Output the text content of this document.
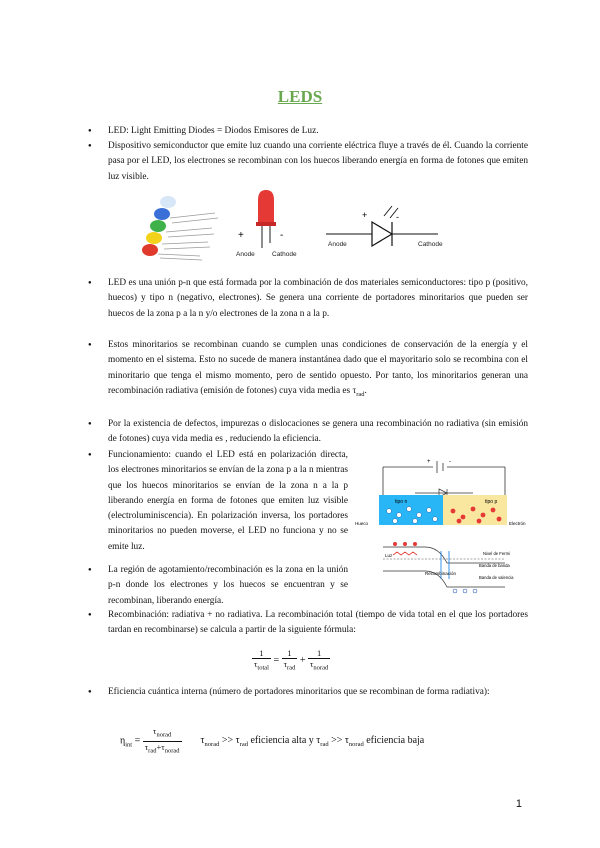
LEDS
● LED: Light Emitting Diodes = Diodos Emisores de Luz.
● Dispositivo semiconductor que emite luz cuando una corriente eléctrica fluye a través de él. Cuando la corriente pasa por el LED, los electrones se recombinan con los huecos liberando energía en forma de fotones que emiten luz visible.
+	-
Anode	Cathode
+	-
Anode	Cathode
● LED es una unión p-n que está formada por la combinación de dos materiales semiconductores: tipo p (positivo, huecos) y tipo n (negativo, electrones). Se genera una corriente de portadores minoritarios que pueden ser huecos de la zona p a la n y/o electrones de la zona n a la p.
● Estos minoritarios se recombinan cuando se cumplen unas condiciones de conservación de la energía y el momento en el sistema. Esto no sucede de manera instantánea dado que el mayoritario solo se recombina con el minoritario que tenga el mismo momento, pero de sentido opuesto. Por tanto, los minoritarios generan una recombinación radiativa (emisión de fotones) cuya vida media es $\tau_{rad}$.
● Por la existencia de defectos, impurezas o dislocaciones se genera una recombinación no radiativa (sin emisión de fotones) cuya vida media es , reduciendo la eficiencia.
● Funcionamiento: cuando el LED está en polarización directa, los electrones minoritarios se envían de la zona p a la n mientras que los huecos minoritarios se envían de la zona n a la p liberando energía en forma de fotones que emiten luz visible (electroluminiscencia). En polarización inversa, los portadores minoritarios no pueden moverse, el LED no funciona y no se emite luz.
● La región de agotamiento/recombinación es la zona en la unión p-n donde los electrones y los huecos se encuentran y se recombinan, liberando energía.
+	-
tipo n	tipo p
Electrón
Hueco
Luz
Recombinación
Nivel de Fermi
Banda de banda
Banda de valencia
● Recombinación: radiativa + no radiativa. La recombinación total (tiempo de vida total en el que los portadores tardan en recombinarse) se calcula a partir de la siguiente fórmula:
$\frac{1}{\tau_{total}} = \frac{1}{\tau_{rad}} + \frac{1}{\tau_{norad}}$
● Eficiencia cuántica interna (número de portadores minoritarios que se recombinan de forma radiativa):
$\eta_{int} = \frac{\tau_{norad}}{\tau_{rad}+\tau_{norad}} \tau_{norad} >> \tau_{rad}$ eficiencia alta y $\tau_{rad} >> \tau_{norad}$ eficiencia baja
1
